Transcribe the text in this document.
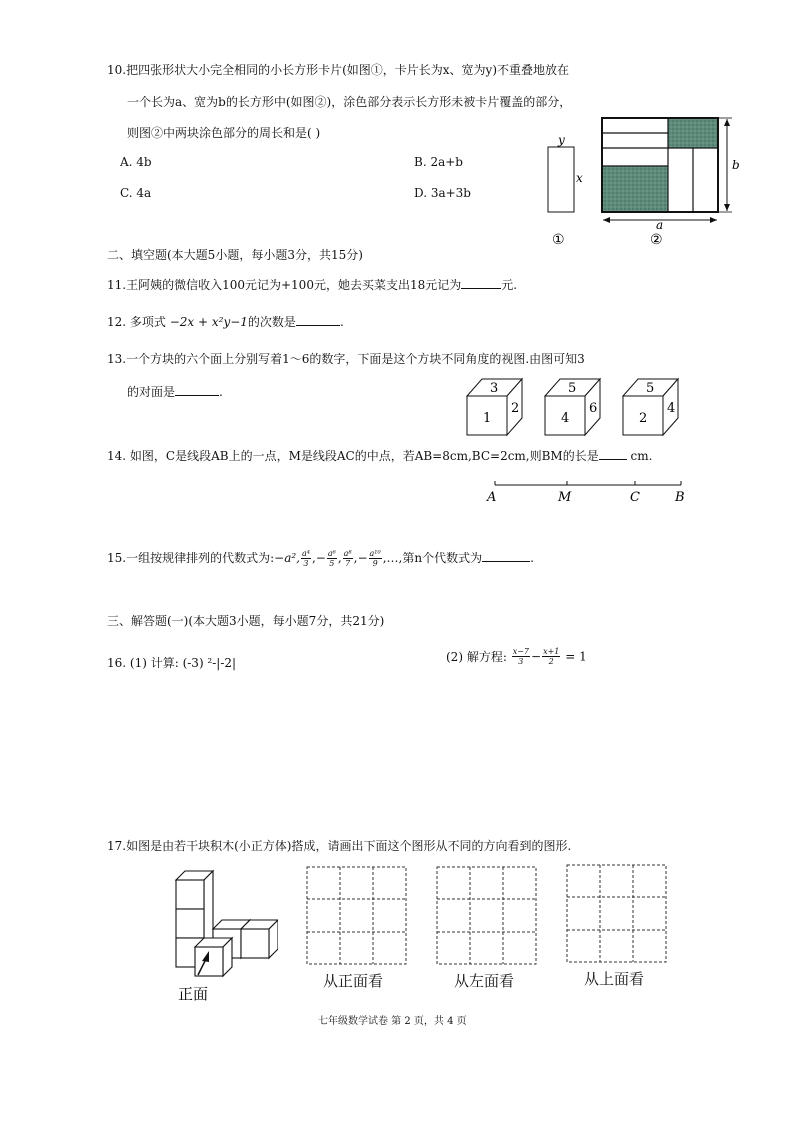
10.把四张形状大小完全相同的小长方形卡片(如图①，卡片长为x、宽为y)不重叠地放在
一个长为a、宽为b的长方形中(如图②)，涂色部分表示长方形未被卡片覆盖的部分，
则图②中两块涂色部分的周长和是( )
A. 4b	B. 2a+b
C. 4a	D. 3a+3b
y
x
①
b
a
②
二、填空题(本大题5小题，每小题3分，共15分)
11.王阿姨的微信收入100元记为+100元，她去买菜支出18元记为	元.
12. 多项式 −2x + x²y−1的次数是	.
13.一个方块的六个面上分别写着1～6的数字，下面是这个方块不同角度的视图.由图可知3
的对面是	.	3
1
2
5
4
6
5
2
4
14. 如图，C是线段AB上的一点，M是线段AC的中点，若AB=8cm,BC=2cm,则BM的长是 cm.
A	M	C	B
15.一组按规律排列的代数式为:−a², $\frac{\text{a⁴}}{3}$ ,− $\frac{\text{a⁶}}{5}$ , $\frac{\text{a⁸}}{7}$ ,− $\frac{\text{a¹⁰}}{9}$ ,…,第n个代数式为	.
三、解答题(一)(本大题3小题，每小题7分，共21分)
16. (1) 计算: (-3) ²-|-2|	(2) 解方程: $\frac{x-7}{3} - \frac{x+1}{2} = 1$
17.如图是由若干块积木(小正方体)搭成，请画出下面这个图形从不同的方向看到的图形.
正面
从正面看	从左面看	从上面看
七年级数学试卷 第 2 页，共 4 页
